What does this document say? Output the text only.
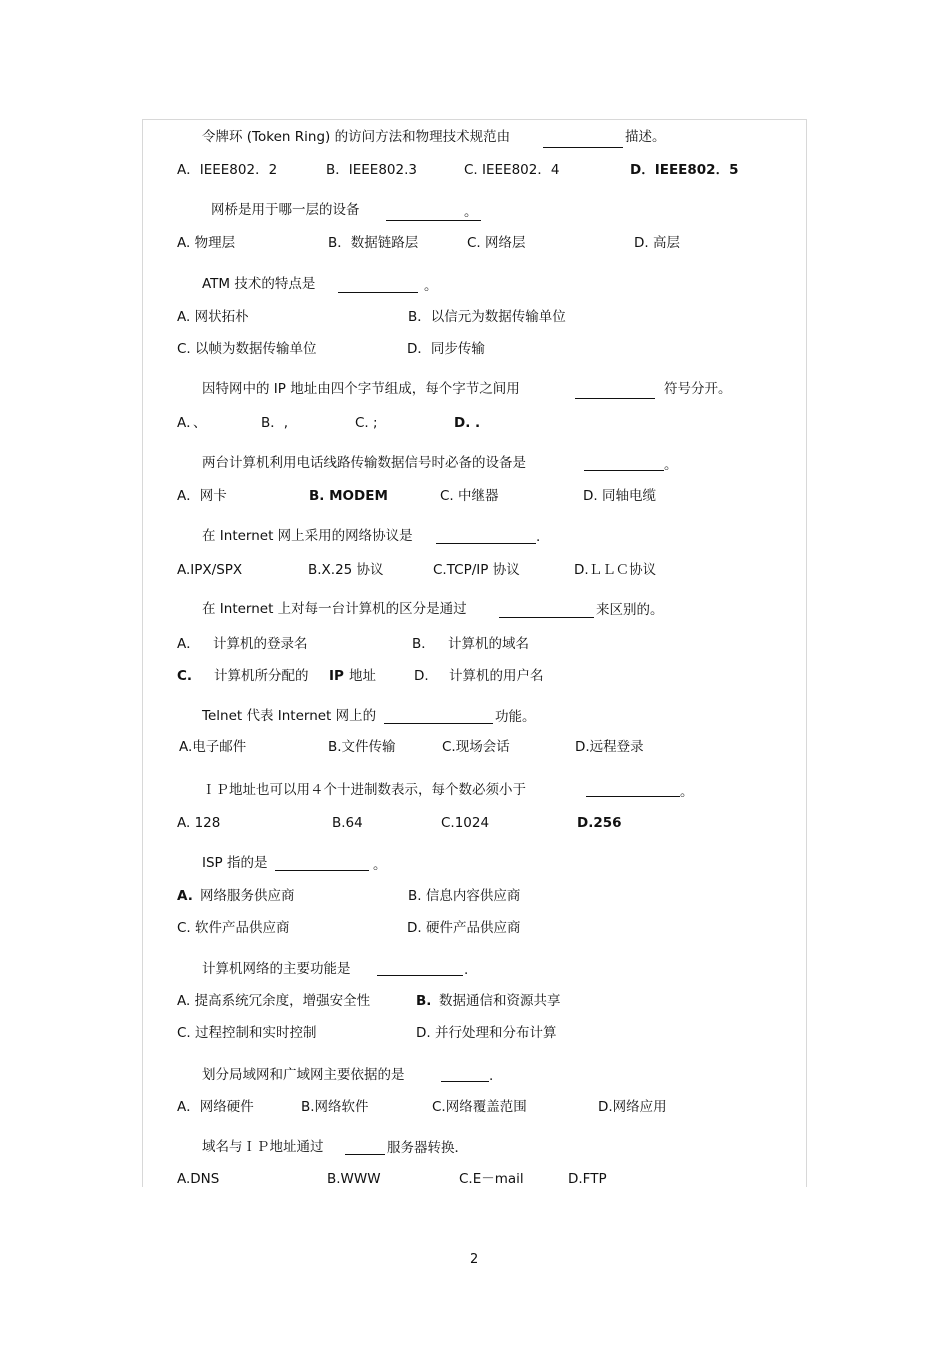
令牌环 (Token Ring) 的访问方法和物理技术规范由	描述。
A．IEEE802．2	B．IEEE802.3	C. IEEE802．4	D．IEEE802．5
网桥是用于哪一层的设备	。
A. 物理层	B．数据链路层	C. 网络层	D. 高层
ATM 技术的特点是	。
A. 网状拓朴	B．以信元为数据传输单位
C. 以帧为数据传输单位	D．同步传输
因特网中的 IP 地址由四个字节组成，每个字节之间用	符号分开。
A．、	B．,	C. ;	D. .
两台计算机利用电话线路传输数据信号时必备的设备是	。
A．网卡	B. MODEM	C. 中继器	D. 同轴电缆
在 Internet 网上采用的网络协议是	.
A.IPX/SPX	B.X.25 协议	C.TCP/IP 协议	D.ＬＬＣ协议
在 Internet 上对每一台计算机的区分是通过	来区别的。
A． 计算机的登录名	B． 计算机的域名
C. 计算机所分配的 IP 地址	D. 计算机的用户名
Telnet 代表 Internet 网上的	功能。
A.电子邮件	B.文件传输	C.现场会话	D.远程登录
ＩＰ地址也可以用４个十进制数表示，每个数必须小于	。
A. 128	B.64	C.1024	D.256
ISP 指的是	。
A. 网络服务供应商	B. 信息内容供应商
C. 软件产品供应商	D. 硬件产品供应商
计算机网络的主要功能是	.
A. 提高系统冗余度，增强安全性	B. 数据通信和资源共享
C. 过程控制和实时控制	D. 并行处理和分布计算
划分局域网和广域网主要依据的是	.
A．网络硬件	B.网络软件	C.网络覆盖范围	D.网络应用
域名与ＩＰ地址通过	服务器转换．
A.DNS	B.WWW	C.E－mail	D.FTP
2
